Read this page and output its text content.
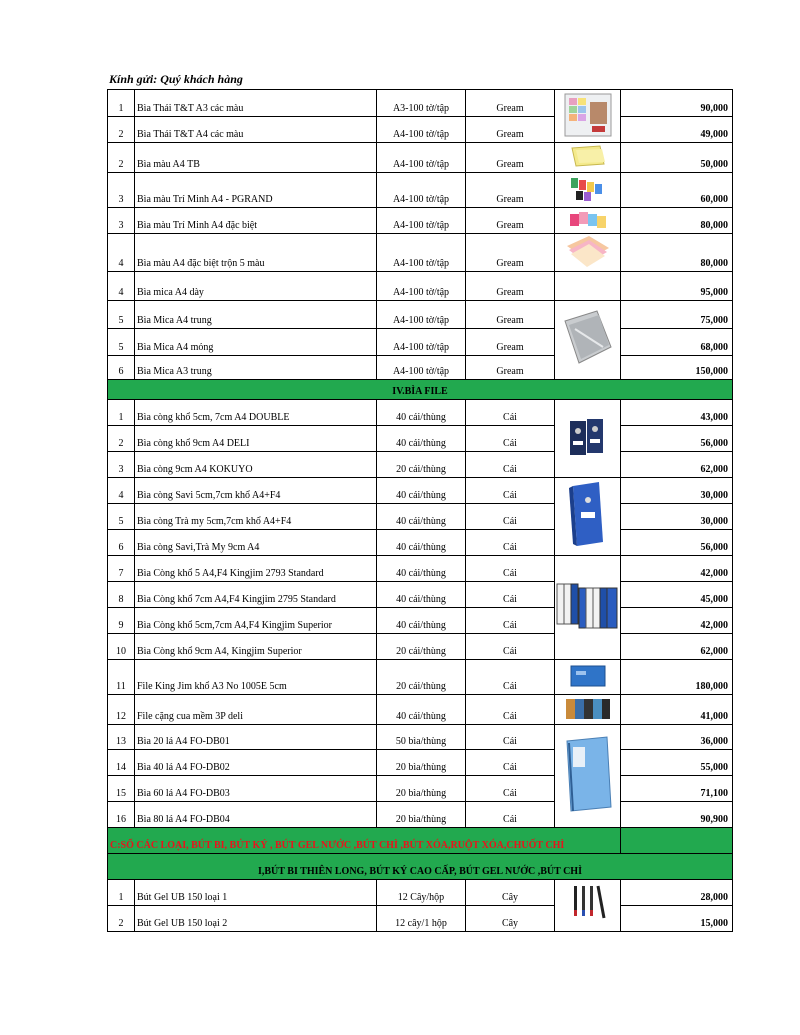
Kính gửi: Quý khách hàng
1	Bìa Thái T&T A3 các màu	A3-100 tờ/tập	Gream		90,000
2	Bìa Thái T&T A4 các màu	A4-100 tờ/tập	Gream		49,000
2	Bìa màu A4 TB	A4-100 tờ/tập	Gream		50,000
3	Bìa màu Trí Minh A4 - PGRAND	A4-100 tờ/tập	Gream		60,000
3	Bìa màu Trí Minh A4 đặc biệt	A4-100 tờ/tập	Gream		80,000
4	Bìa màu A4 đặc biệt trộn 5 màu	A4-100 tờ/tập	Gream		80,000
4	Bìa mica A4 dày	A4-100 tờ/tập	Gream		95,000
5	Bìa Mica A4 trung	A4-100 tờ/tập	Gream		75,000
5	Bìa Mica A4 mỏng	A4-100 tờ/tập	Gream		68,000
6	Bìa Mica A3 trung	A4-100 tờ/tập	Gream		150,000
IV.BÌA FILE					
1	Bìa còng khổ 5cm, 7cm A4 DOUBLE	40 cái/thùng	Cái		43,000
2	Bìa còng khổ 9cm A4 DELI	40 cái/thùng	Cái		56,000
3	Bìa còng 9cm A4 KOKUYO	20 cái/thùng	Cái		62,000
4	Bìa còng Savi 5cm,7cm khổ A4+F4	40 cái/thùng	Cái		30,000
5	Bìa còng Trà my 5cm,7cm khổ A4+F4	40 cái/thùng	Cái		30,000
6	Bìa còng Savi,Trà My 9cm A4	40 cái/thùng	Cái		56,000
7	Bìa Còng khổ 5 A4,F4 Kingjim 2793 Standard	40 cái/thùng	Cái		42,000
8	Bìa Còng khổ 7cm A4,F4 Kingjim 2795 Standard	40 cái/thùng	Cái		45,000
9	Bìa Còng khổ 5cm,7cm A4,F4 Kingjim Superior	40 cái/thùng	Cái		42,000
10	Bìa Còng khổ 9cm A4, Kingjim Superior	20 cái/thùng	Cái		62,000
11	File King Jim khổ A3 No 1005E 5cm	20 cái/thùng	Cái		180,000
12	File cặng cua mềm 3P deli	40 cái/thùng	Cái		41,000
13	Bìa 20 lá A4 FO-DB01	50 bìa/thùng	Cái		36,000
14	Bìa 40 lá A4 FO-DB02	20 bìa/thùng	Cái		55,000
15	Bìa 60 lá A4 FO-DB03	20 bìa/thùng	Cái		71,100
16	Bìa 80 lá A4 FO-DB04	20 bìa/thùng	Cái		90,900
C:SỔ CÁC LOẠI, BÚT BI, BÚT KÝ , BÚT GEL NƯỚC ,BÚT CHÌ ,BÚT XÓA,RUỘT XÓA,CHUỐT CHÌ					
I,BÚT BI THIÊN LONG, BÚT KÝ CAO CẤP, BÚT GEL NƯỚC ,BÚT CHÌ					
1	Bút Gel UB 150 loại 1	12 Cây/hộp	Cây		28,000
2	Bút Gel UB 150 loại 2	12 cây/1 hộp	Cây		15,000
